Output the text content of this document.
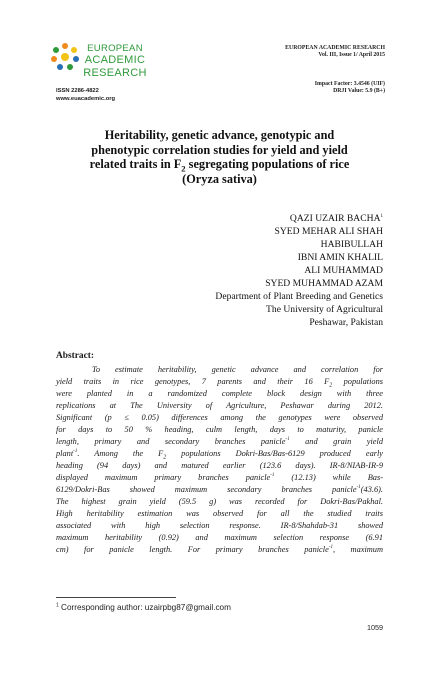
EUROPEAN
ACADEMIC
RESEARCH
ISSN 2286-4822
www.euacademic.org
EUROPEAN ACADEMIC RESEARCH
Vol. III, Issue 1/ April 2015
Impact Factor: 3.4546 (UIF)
DRJI Value: 5.9 (B+)
Heritability, genetic advance, genotypic and
phenotypic correlation studies for yield and yield
related traits in $F_2$ segregating populations of rice
(Oryza sativa)
QAZI UZAIR BACHA$^1$
SYED MEHAR ALI SHAH
HABIBULLAH
IBNI AMIN KHALIL
ALI MUHAMMAD
SYED MUHAMMAD AZAM
Department of Plant Breeding and Genetics
The University of Agricultural
Peshawar, Pakistan
Abstract:
To estimate heritability, genetic advance and correlation for
yield traits in rice genotypes, 7 parents and their 16 $F_2$ populations
were planted in a randomized complete block design with three
replications at The University of Agriculture, Peshawar during 2012.
Significant (p ≤ 0.05) differences among the genotypes were observed
for days to 50 % heading, culm length, days to maturity, panicle
length, primary and secondary branches panicle$^{-1}$ and grain yield
plant$^{-1}$. Among the $F_2$ populations Dokri-Bas/Bas-6129 produced early
heading (94 days) and matured earlier (123.6 days). IR-8/NIAB-IR-9
displayed maximum primary branches panicle$^{-1}$ (12.13) while Bas-
6129/Dokri-Bas showed maximum secondary branches panicle$^{-1}$(43.6).
The highest grain yield (59.5 g) was recorded for Dokri-Bas/Pakhal.
High heritability estimation was observed for all the studied traits
associated with high selection response. IR-8/Shahdab-31 showed
maximum heritability (0.92) and maximum selection response (6.91
cm) for panicle length. For primary branches panicle$^{-1}$, maximum
$^1$ Corresponding author: uzairpbg87@gmail.com
1059
